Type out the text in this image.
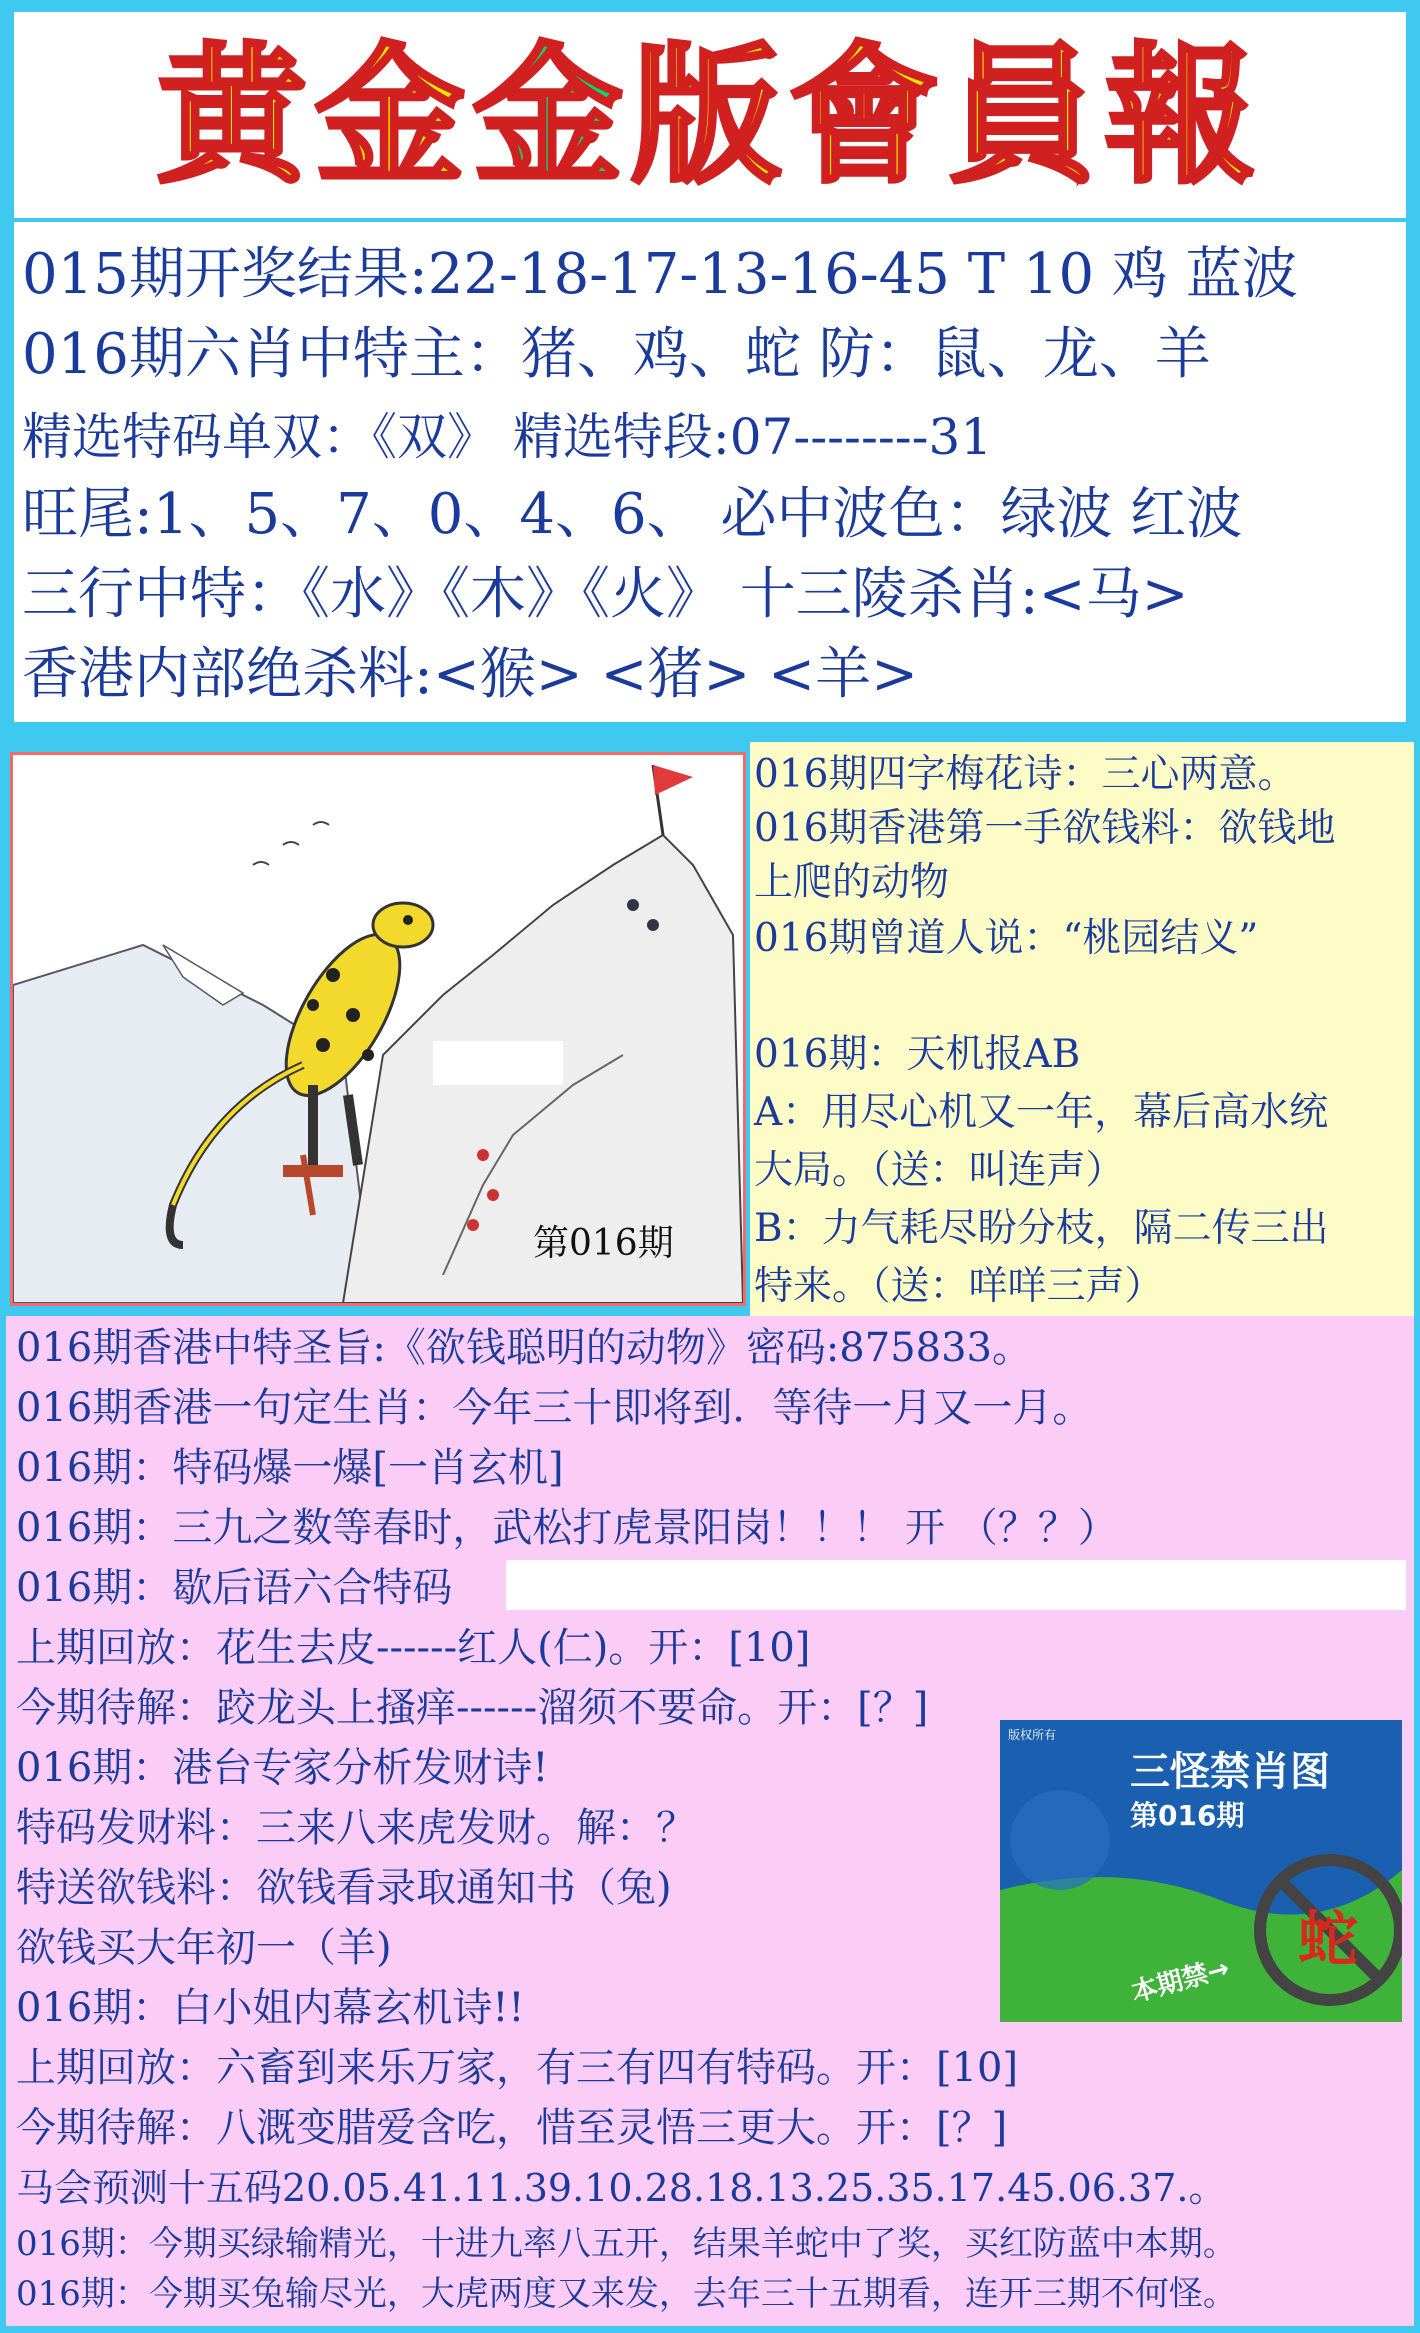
黄金金版會員報
015期开奖结果:22-18-17-13-16-45 T 10 鸡 蓝波
016期六肖中特主：猪、鸡、蛇 防：鼠、龙、羊
精选特码单双：《双》 精选特段:07--------31
旺尾:1、5、7、0、4、6、 必中波色：绿波 红波
三行中特：《水》《木》《火》 十三陵杀肖:<马>
香港内部绝杀料:<猴> <猪> <羊>
第016期
016期四字梅花诗：三心两意。
016期香港第一手欲钱料：欲钱地
上爬的动物
016期曾道人说：“桃园结义”
016期：天机报AB
A：用尽心机又一年，幕后高水统
大局。（送：叫连声）
B：力气耗尽盼分枝，隔二传三出
特来。（送：咩咩三声）
016期香港中特圣旨:《欲钱聪明的动物》密码:875833。
016期香港一句定生肖：今年三十即将到．等待一月又一月。
016期：特码爆一爆[一肖玄机]
016期：三九之数等春时，武松打虎景阳岗！！！ 开 （？？）
016期：歇后语六合特码
上期回放：花生去皮------红人(仁)。开：[10]
今期待解：跤龙头上搔痒------溜须不要命。开：[？]
016期：港台专家分析发财诗!
特码发财料：三来八来虎发财。解：？
特送欲钱料：欲钱看录取通知书（兔)
欲钱买大年初一（羊)
016期：白小姐内幕玄机诗!!
上期回放：六畜到来乐万家，有三有四有特码。开：[10]
今期待解：八溉变腊爱含吃，惜至灵悟三更大。开：[？]
马会预测十五码20.05.41.11.39.10.28.18.13.25.35.17.45.06.37.。
016期：今期买绿输精光，十进九率八五开，结果羊蛇中了奖，买红防蓝中本期。
016期：今期买兔输尽光，大虎两度又来发，去年三十五期看，连开三期不何怪。
三怪禁肖图
第016期
蛇
本期禁→
版权所有
